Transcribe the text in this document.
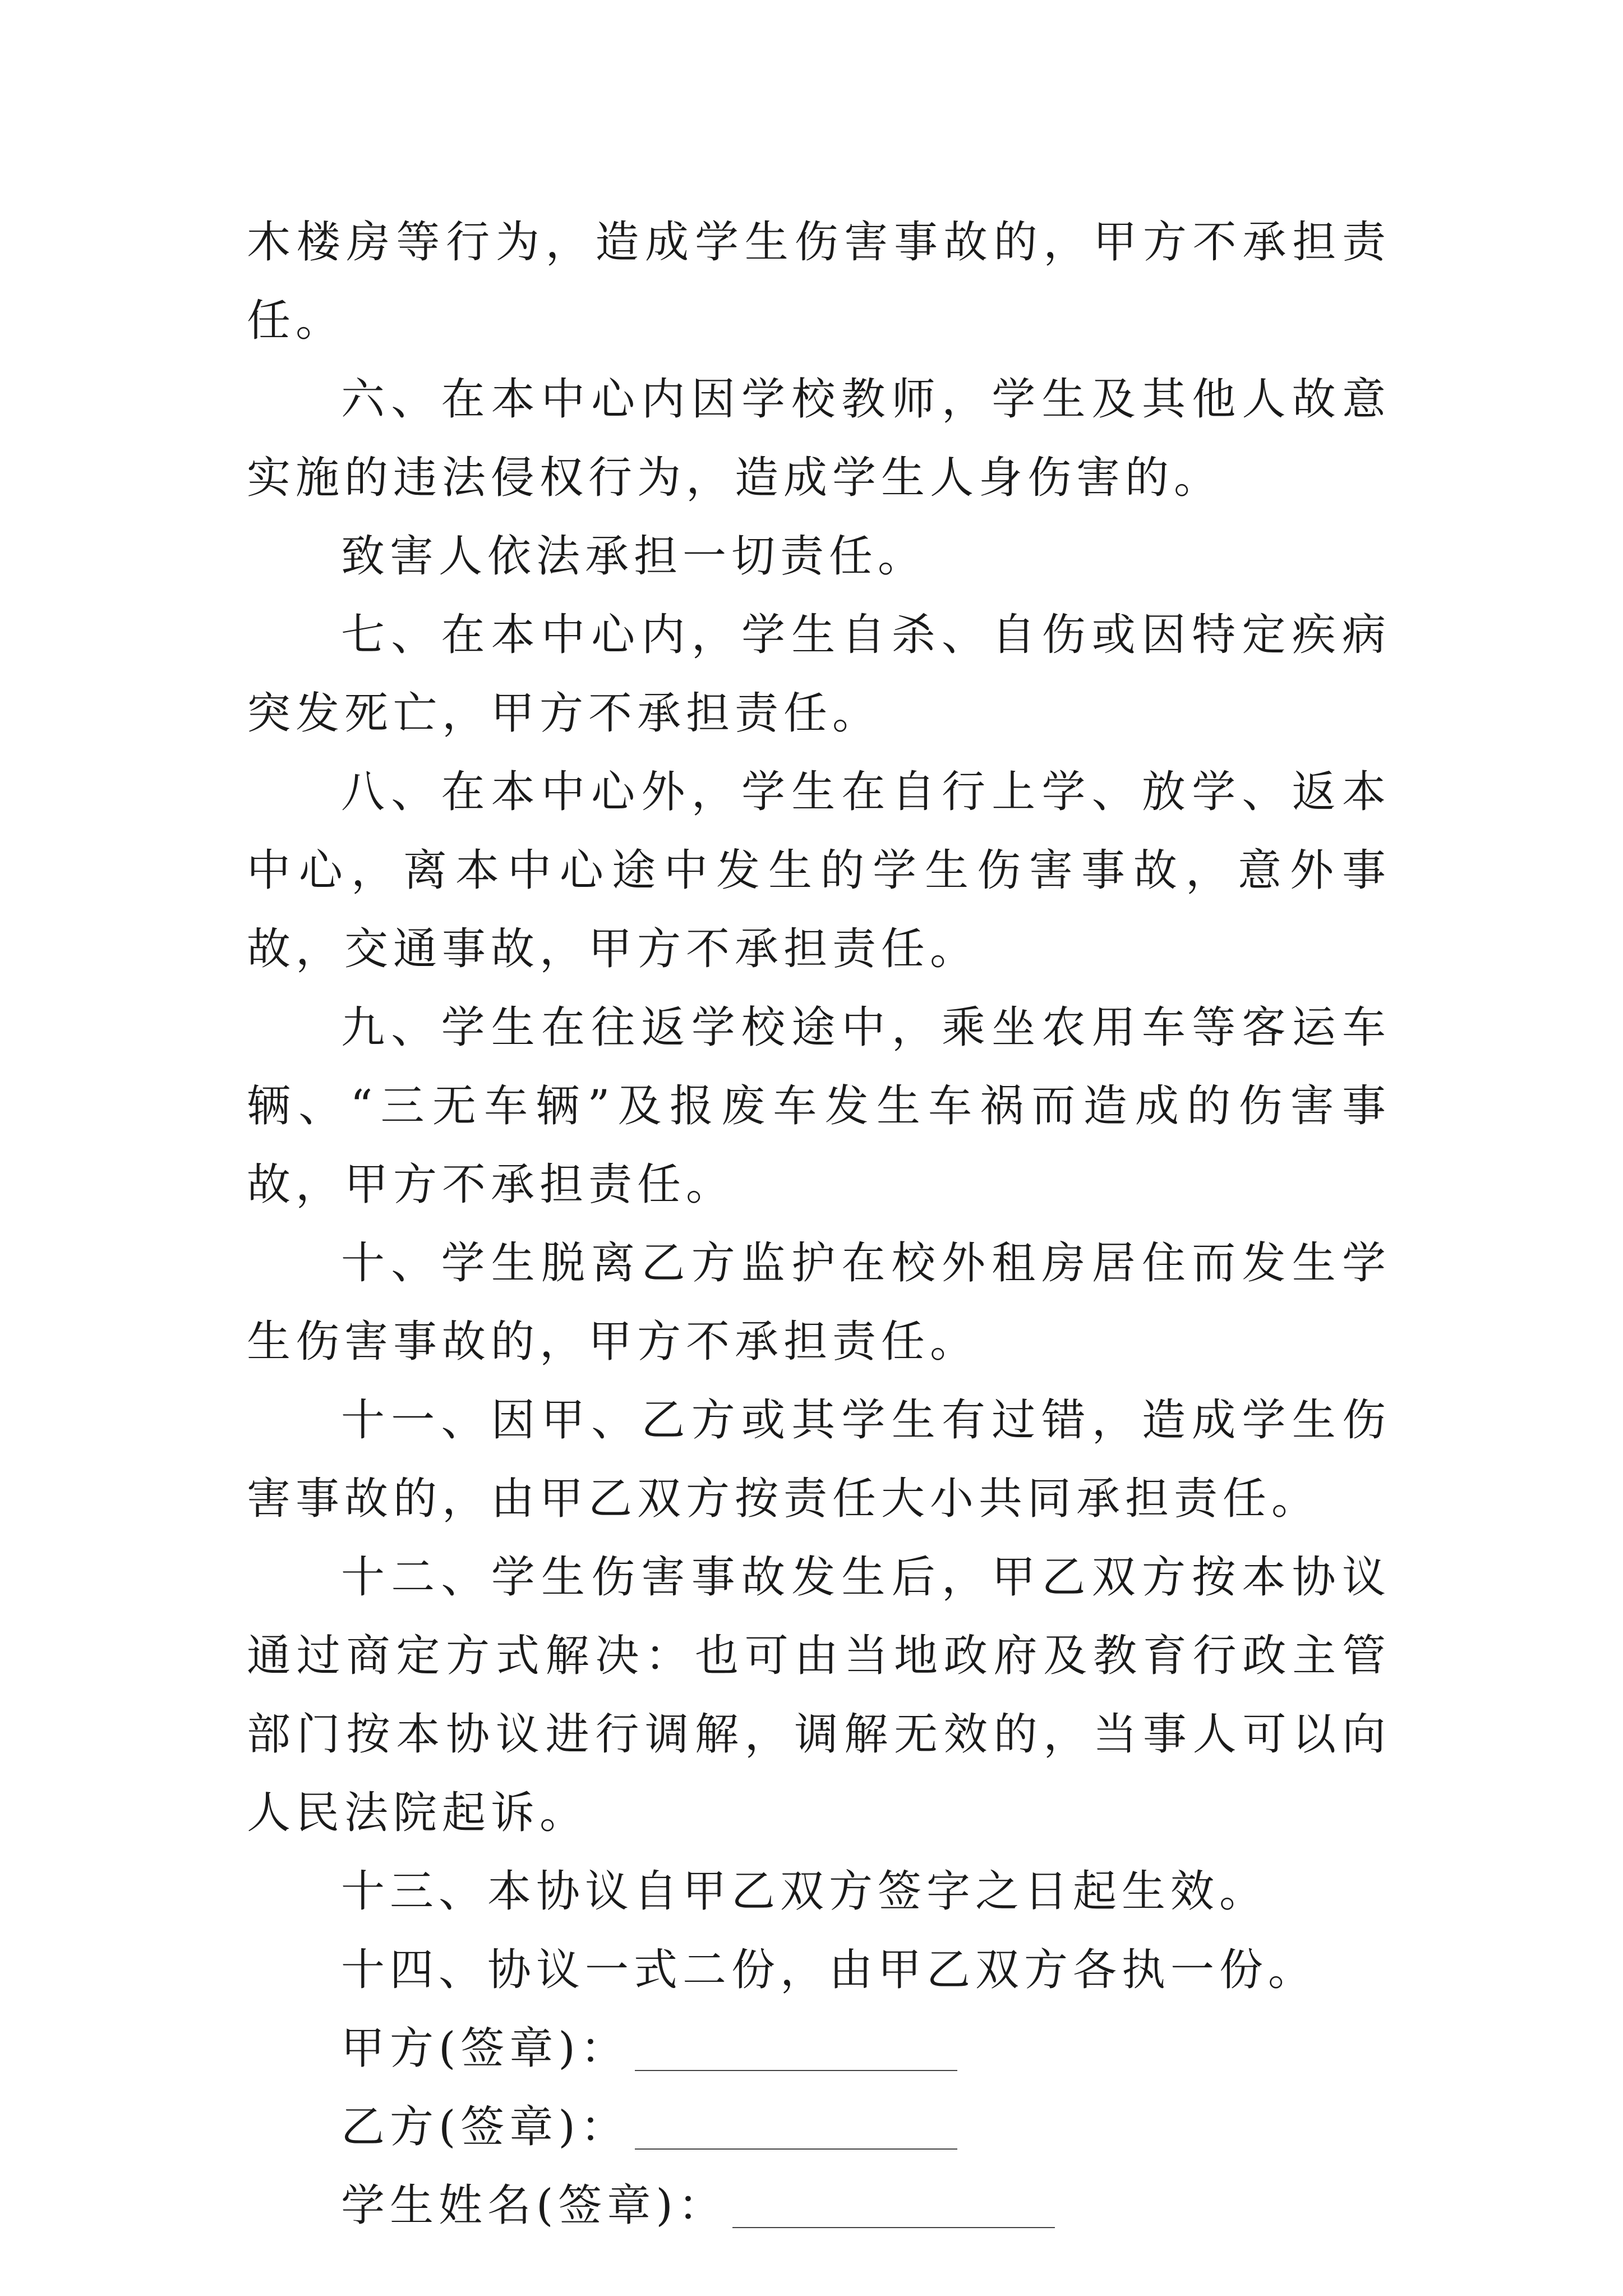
木楼房等行为，造成学生伤害事故的，甲方不承担责任。

六、在本中心内因学校教师，学生及其他人故意实施的违法侵权行为，造成学生人身伤害的。

致害人依法承担一切责任。

七、在本中心内，学生自杀、自伤或因特定疾病突发死亡，甲方不承担责任。

八、在本中心外，学生在自行上学、放学、返本中心，离本中心途中发生的学生伤害事故，意外事故，交通事故，甲方不承担责任。

九、学生在往返学校途中，乘坐农用车等客运车辆、“三无车辆”及报废车发生车祸而造成的伤害事故，甲方不承担责任。

十、学生脱离乙方监护在校外租房居住而发生学生伤害事故的，甲方不承担责任。

十一、因甲、乙方或其学生有过错，造成学生伤害事故的，由甲乙双方按责任大小共同承担责任。

十二、学生伤害事故发生后，甲乙双方按本协议通过商定方式解决：也可由当地政府及教育行政主管部门按本协议进行调解，调解无效的，当事人可以向人民法院起诉。

十三、本协议自甲乙双方签字之日起生效。

十四、协议一式二份，由甲乙双方各执一份。

甲方(签章)：

乙方(签章)：

学生姓名(签章)：
